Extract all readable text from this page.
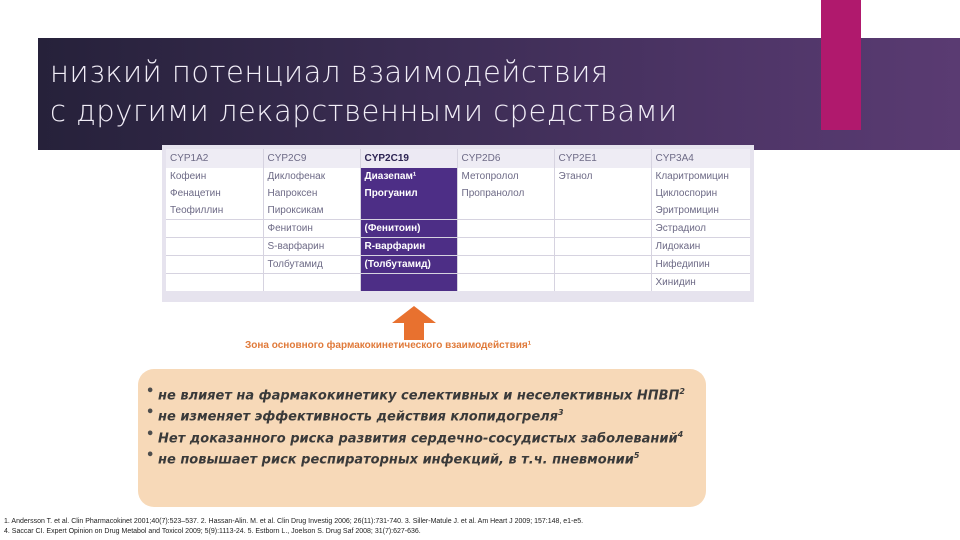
низкий потенциал взаимодействия
с другими лекарственными средствами
CYP1A2	CYP2C9	CYP2C19	CYP2D6	CYP2E1	CYP3A4
Кофеин	Диклофенак	Диазепам¹	Метопролол	Этанол	Кларитромицин
Фенацетин	Напроксен	Прогуанил	Пропранолол		Циклоспорин
Теофиллин	Пироксикам				Эритромицин
	Фенитоин	(Фенитоин)			Эстрадиол
	S-варфарин	R-варфарин			Лидокаин
	Толбутамид	(Толбутамид)			Нифедипин
					Хинидин
Зона основного фармакокинетического взаимодействия¹
• не влияет на фармакокинетику селективных и неселективных НПВП$^2$
• не изменяет эффективность действия клопидогреля$^3$
• Нет доказанного риска развития сердечно-сосудистых заболеваний$^4$
• не повышает риск респираторных инфекций, в т.ч. пневмонии$^5$
1. Andersson T. et al. Clin Pharmacokinet 2001;40(7):523–537. 2. Hassan-Alin. M. et al. Clin Drug Investig 2006; 26(11):731-740. 3. Siller-Matule J. et al. Am Heart J 2009; 157:148, e1-e5.
4. Saccar CI. Expert Opinion on Drug Metabol and Toxicol 2009; 5(9):1113-24. 5. Estborn L., Joelson S. Drug Saf 2008; 31(7):627-636.
